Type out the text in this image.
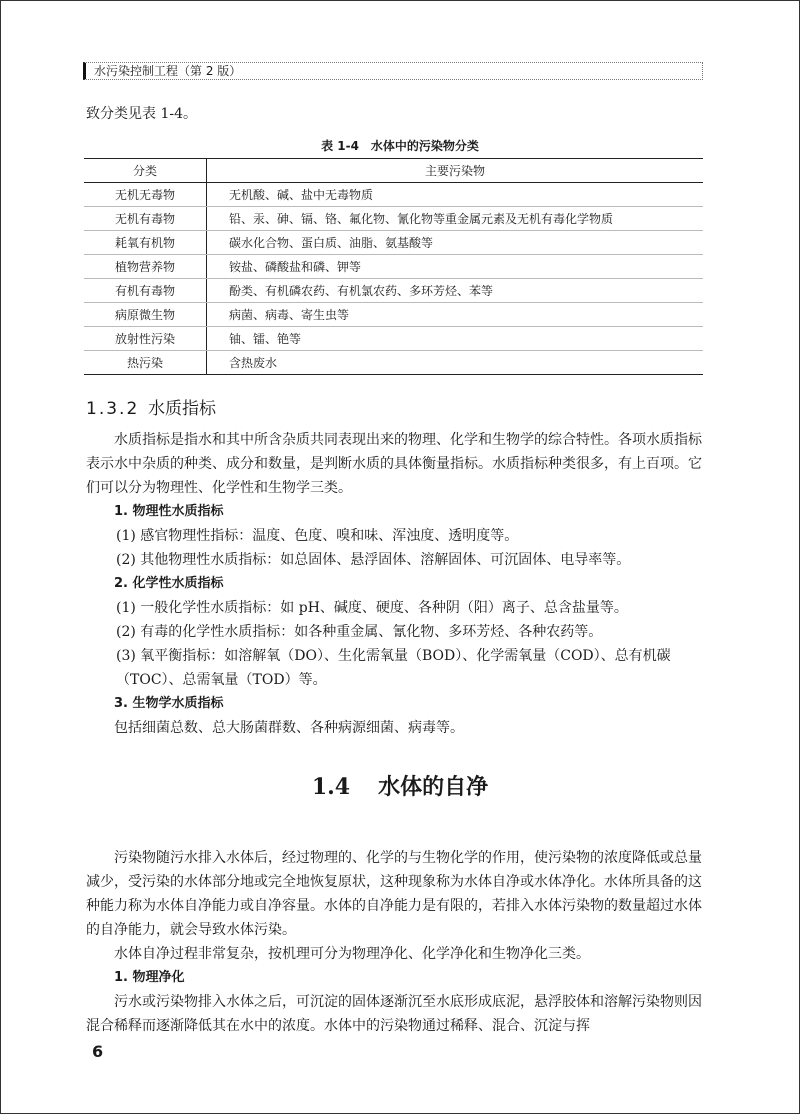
水污染控制工程（第 2 版）
致分类见表 1-4。
表 1-4　水体中的污染物分类
分类	主要污染物
无机无毒物	无机酸、碱、盐中无毒物质
无机有毒物	铅、汞、砷、镉、铬、氟化物、氰化物等重金属元素及无机有毒化学物质
耗氧有机物	碳水化合物、蛋白质、油脂、氨基酸等
植物营养物	铵盐、磷酸盐和磷、钾等
有机有毒物	酚类、有机磷农药、有机氯农药、多环芳烃、苯等
病原微生物	病菌、病毒、寄生虫等
放射性污染	铀、镭、铯等
热污染	含热废水
1.3.2 水质指标
水质指标是指水和其中所含杂质共同表现出来的物理、化学和生物学的综合特性。各项水质指标表示水中杂质的种类、成分和数量，是判断水质的具体衡量指标。水质指标种类很多，有上百项。它们可以分为物理性、化学性和生物学三类。
1. 物理性水质指标
(1) 感官物理性指标：温度、色度、嗅和味、浑浊度、透明度等。
(2) 其他物理性水质指标：如总固体、悬浮固体、溶解固体、可沉固体、电导率等。
2. 化学性水质指标
(1) 一般化学性水质指标：如 pH、碱度、硬度、各种阴（阳）离子、总含盐量等。
(2) 有毒的化学性水质指标：如各种重金属、氰化物、多环芳烃、各种农药等。
(3) 氧平衡指标：如溶解氧（DO）、生化需氧量（BOD）、化学需氧量（COD）、总有机碳（TOC）、总需氧量（TOD）等。
3. 生物学水质指标
包括细菌总数、总大肠菌群数、各种病源细菌、病毒等。
1.4 水体的自净
污染物随污水排入水体后，经过物理的、化学的与生物化学的作用，使污染物的浓度降低或总量减少，受污染的水体部分地或完全地恢复原状，这种现象称为水体自净或水体净化。水体所具备的这种能力称为水体自净能力或自净容量。水体的自净能力是有限的，若排入水体污染物的数量超过水体的自净能力，就会导致水体污染。
水体自净过程非常复杂，按机理可分为物理净化、化学净化和生物净化三类。
1. 物理净化
污水或污染物排入水体之后，可沉淀的固体逐渐沉至水底形成底泥，悬浮胶体和溶解污染物则因混合稀释而逐渐降低其在水中的浓度。水体中的污染物通过稀释、混合、沉淀与挥
6
